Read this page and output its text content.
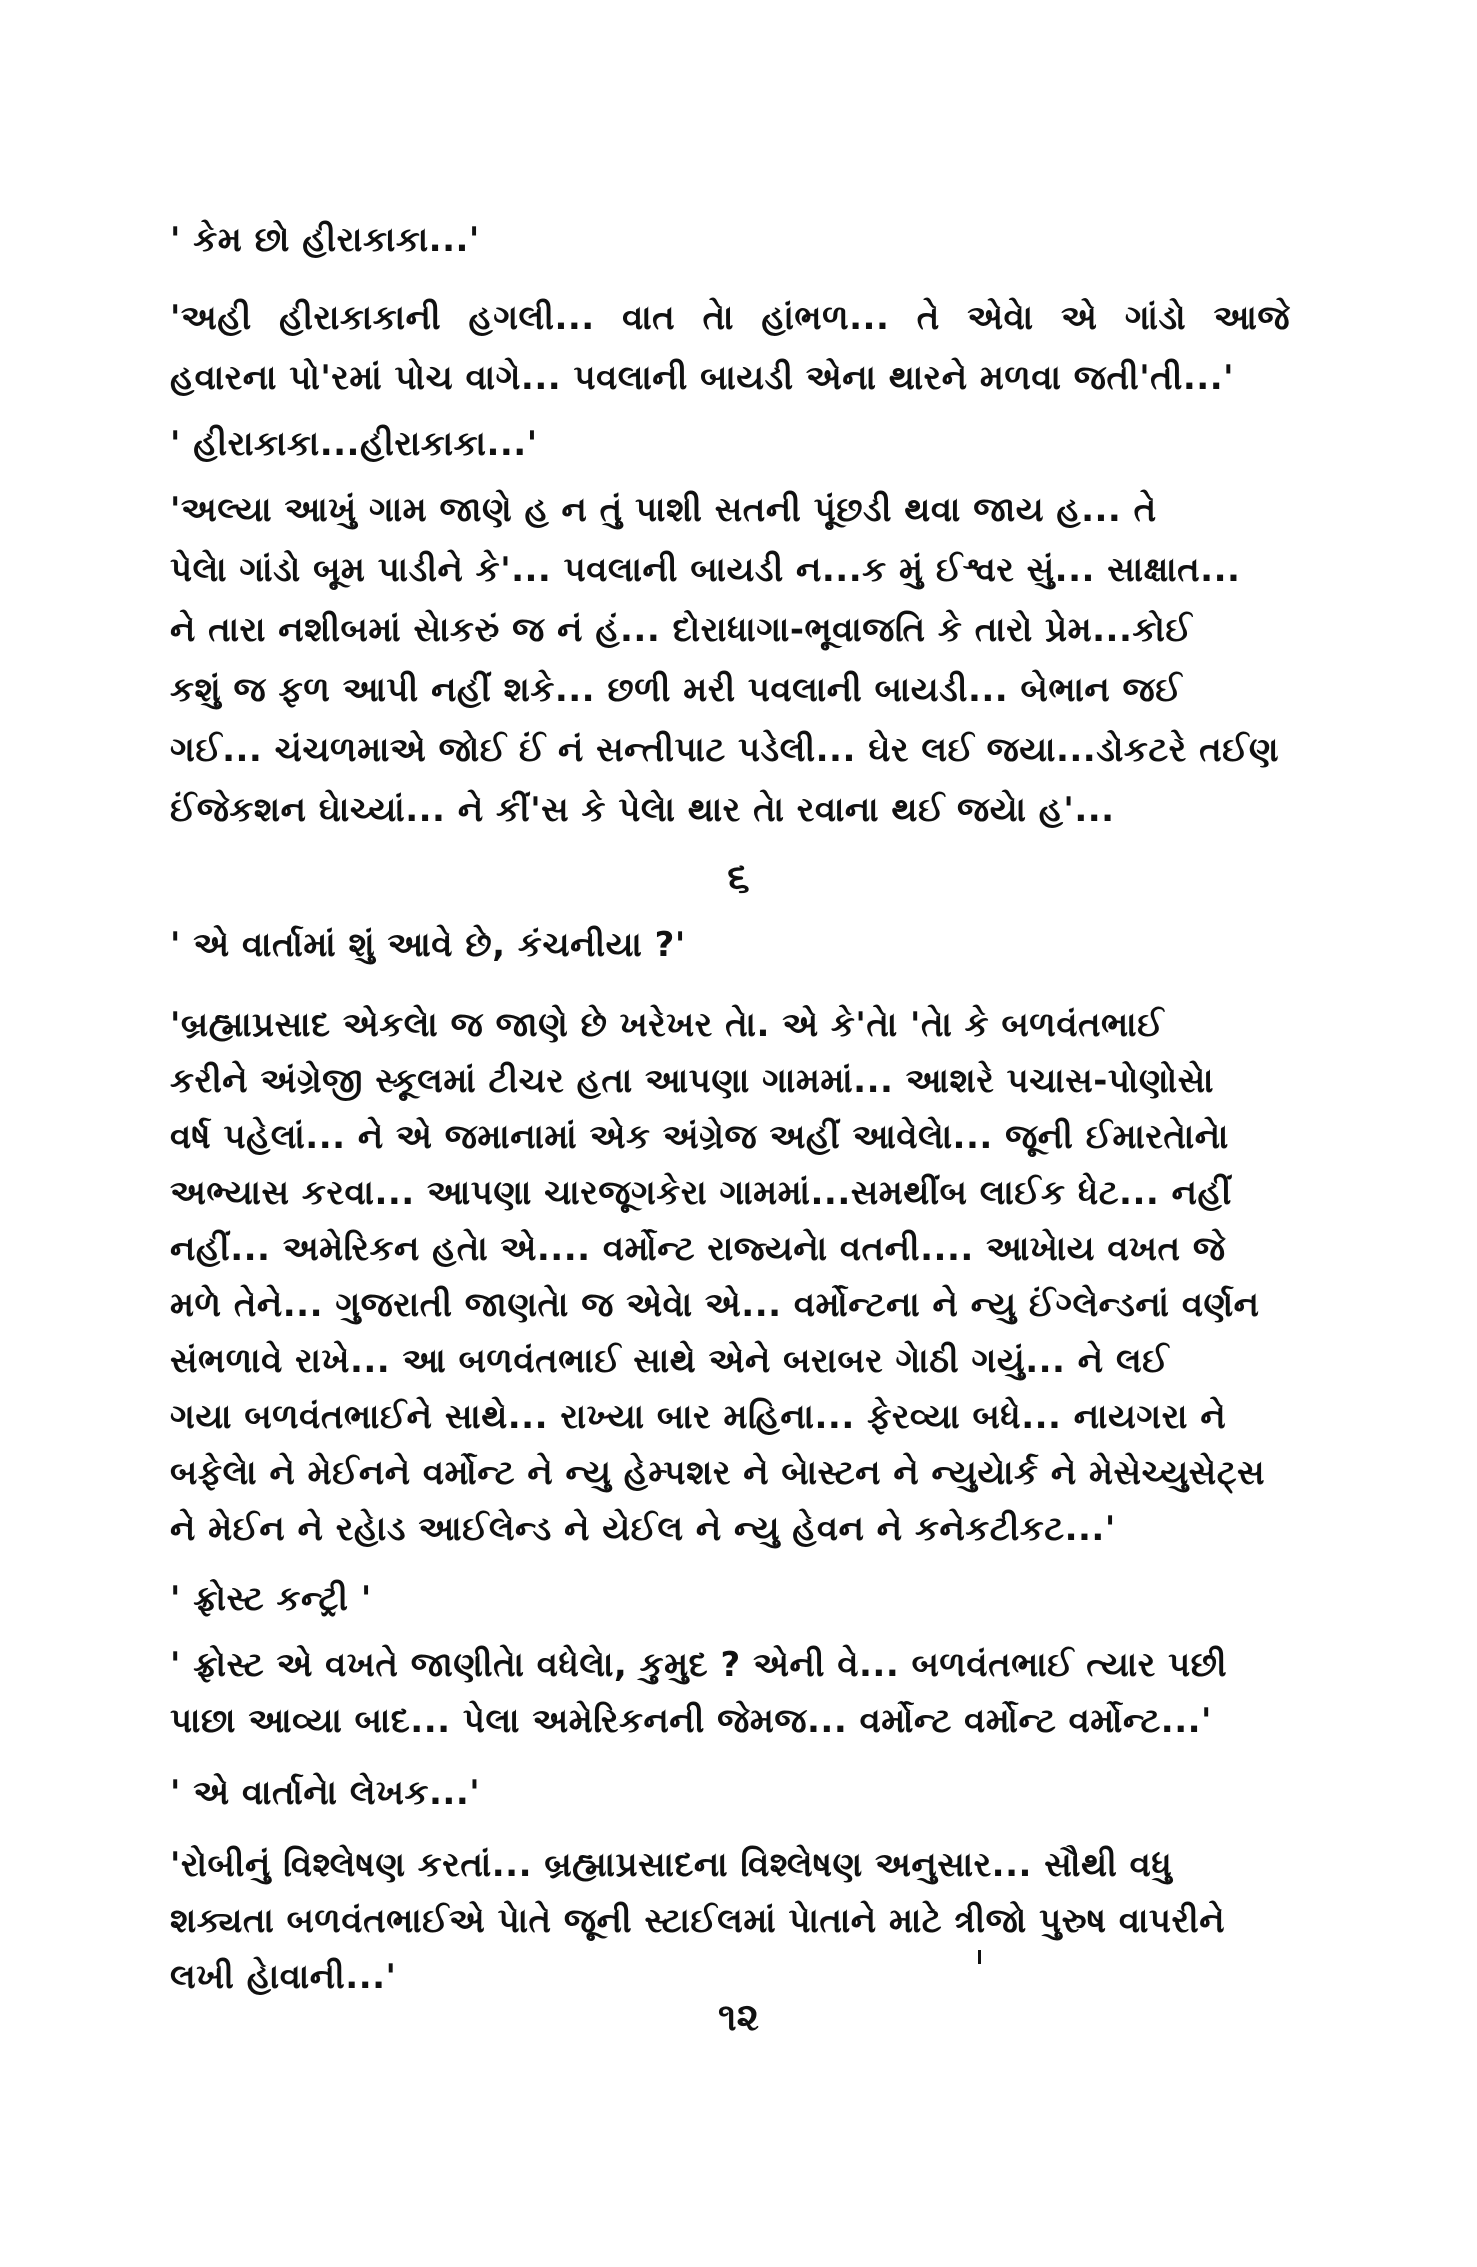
' કેમ છો હીરાકાકા...'
'અહી હીરાકાકાની હગલી... વાત તેા હાંભળ... તે એવેા એ ગાંડો આજે
હવારના પો'રમાં પોચ વાગે... પવલાની બાયડી એના થારને મળવા જતી'તી...'
' હીરાકાકા...હીરાકાકા...'
'અલ્યા આખું ગામ જાણે હ ન તું પાશી સતની પૂંછડી થવા જાય હ... તે
પેલેા ગાંડો બૂમ પાડીને કે'... પવલાની બાયડી ન...ક મું ઈશ્વર સું... સાક્ષાત...
ને તારા નશીબમાં સેાકરું જ નં હં... દોરાધાગા-ભૂવાજતિ કે તારો પ્રેમ...કોઈ
કશું જ ફળ આપી નહીં શકે... છળી મરી પવલાની બાયડી... બેભાન જઈ
ગઈ... ચંચળમાએ જોઈ ઈં નં સન્તીપાટ પડેલી... ઘેર લઈ જયા...ડોકટરે તઈણ
ઈંજેકશન ઘેાચ્યાં... ને કીં'સ કે પેલેા થાર તેા રવાના થઈ જયેા હ'...
૬
' એ વાર્તામાં શું આવે છે, કંચનીયા ?'
'બ્રહ્માપ્રસાદ એકલેા જ જાણે છે ખરેખર તેા. એ કે'તેા 'તેા કે બળવંતભાઈ
કરીને અંગ્રેજી સ્કૂલમાં ટીચર હતા આપણા ગામમાં... આશરે પચાસ-પોણોસેા
વર્ષ પહેલાં... ને એ જમાનામાં એક અંગ્રેજ અહીં આવેલેા... જૂની ઈમારતેાનેા
અભ્યાસ કરવા... આપણા ચારજૂગકેરા ગામમાં...સમથીંબ લાઈક ધેટ... નહીં
નહીં... અમેરિકન હતેા એ.... વર્મોન્ટ રાજ્યનેા વતની.... આખેાય વખત જે
મળે તેને... ગુજરાતી જાણતેા જ એવેા એ... વર્મોન્ટના ને ન્યુ ઈંગ્લેન્ડનાં વર્ણન
સંભળાવે રાખે... આ બળવંતભાઈ સાથે એને બરાબર ગેાઠી ગયું... ને લઈ
ગયા બળવંતભાઈને સાથે... રાખ્યા બાર મહિના... ફેરવ્યા બધે... નાયગરા ને
બફેલેા ને મેઈનને વર્મોન્ટ ને ન્યુ હેમ્પશર ને બેાસ્ટન ને ન્યુયેાર્ક ને મેસેચ્યુસેટ્સ
ને મેઈન ને રહેાડ આઈલેન્ડ ને યેઈલ ને ન્યુ હેવન ને કનેકટીકટ...'
' ફ્રોસ્ટ કન્ટ્રી '
' ફ્રોસ્ટ એ વખતે જાણીતેા વધેલેા, કુમુદ ? એની વે... બળવંતભાઈ ત્યાર પછી
પાછા આવ્યા બાદ... પેલા અમેરિકનની જેમજ... વર્મોન્ટ વર્મોન્ટ વર્મોન્ટ...'
' એ વાર્તાનેા લેખક...'
'રોબીનું વિશ્લેષણ કરતાં... બ્રહ્માપ્રસાદના વિશ્લેષણ અનુસાર... સૌથી વધુ
શક્યતા બળવંતભાઈએ પેાતે જૂની સ્ટાઈલમાં પેાતાને માટે ત્રીજો પુરુષ વાપરીને
લખી હેાવાની...'
૧૨
